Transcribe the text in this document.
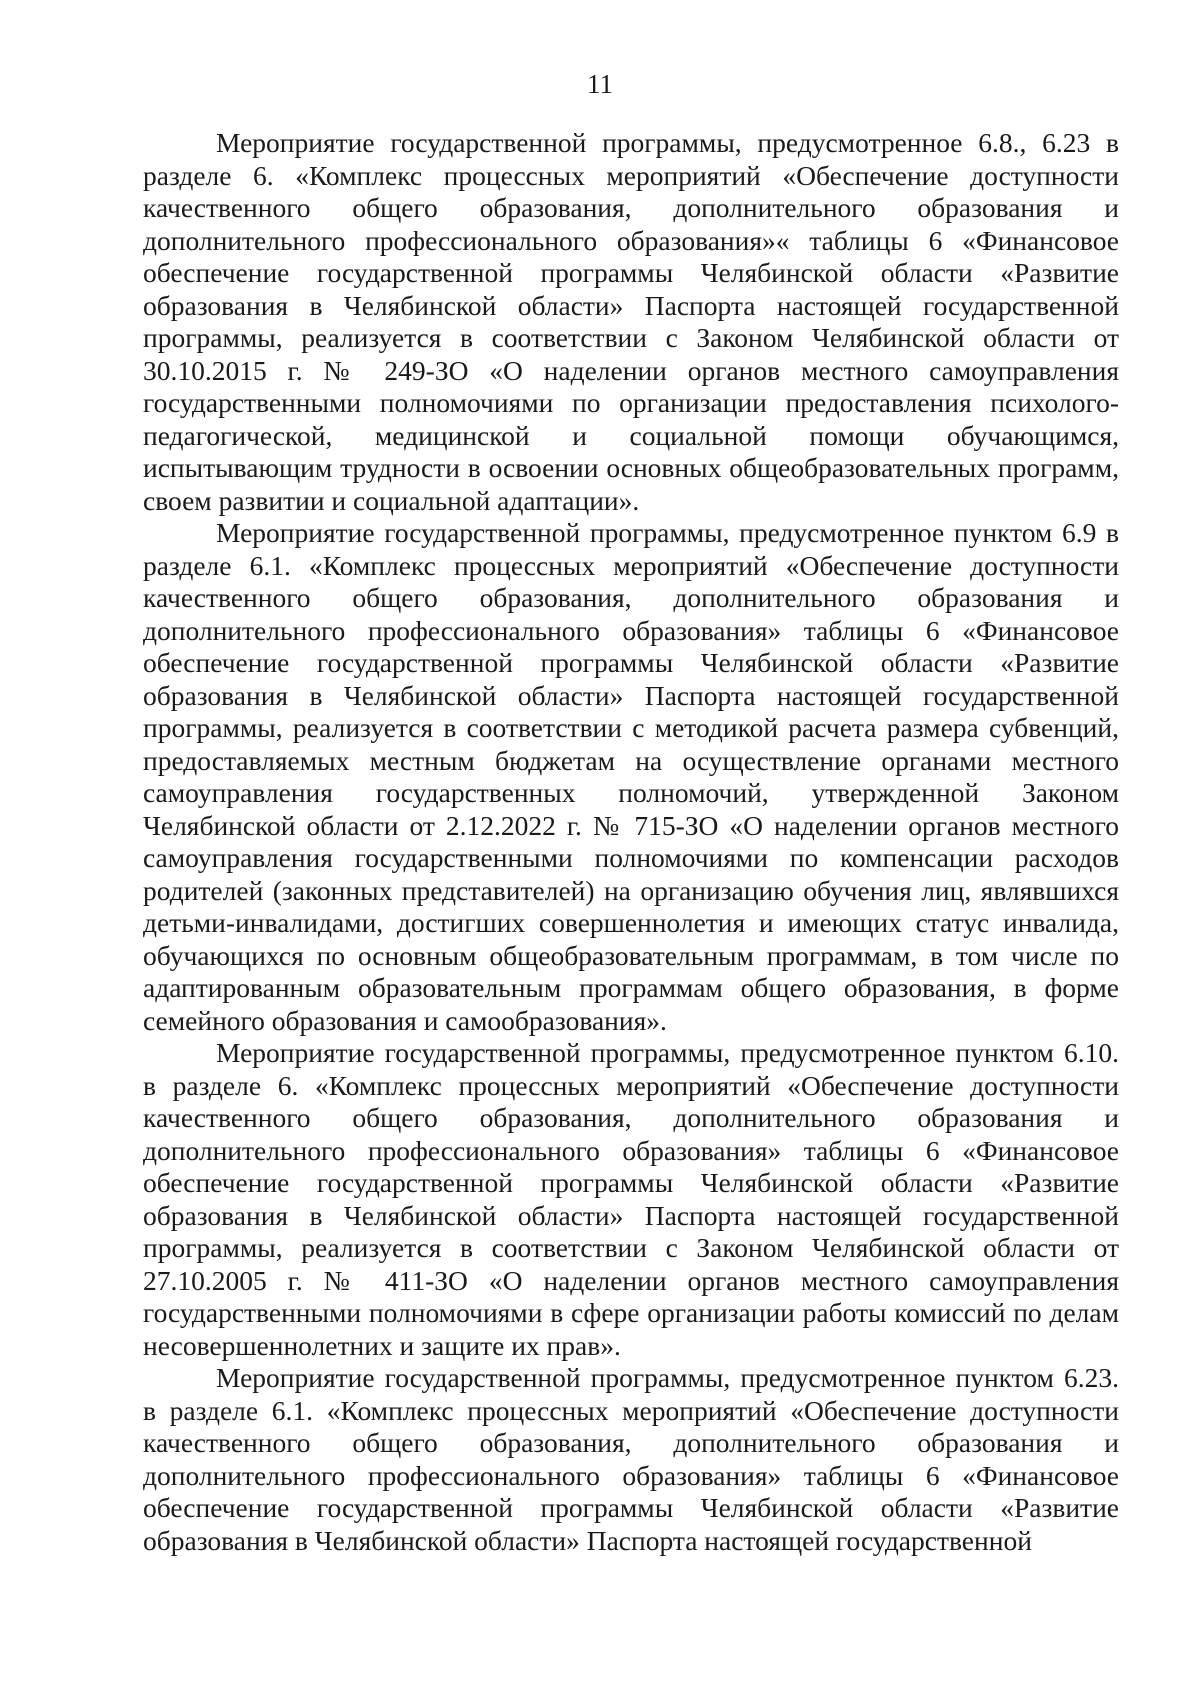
11

Мероприятие государственной программы, предусмотренное 6.8., 6.23 в разделе 6. «Комплекс процессных мероприятий «Обеспечение доступности качественного общего образования, дополнительного образования и дополнительного профессионального образования»« таблицы 6 «Финансовое обеспечение государственной программы Челябинской области «Развитие образования в Челябинской области» Паспорта настоящей государственной программы, реализуется в соответствии с Законом Челябинской области от 30.10.2015 г. № 249-ЗО «О наделении органов местного самоуправления государственными полномочиями по организации предоставления психолого-педагогической, медицинской и социальной помощи обучающимся, испытывающим трудности в освоении основных общеобразовательных программ, своем развитии и социальной адаптации».

Мероприятие государственной программы, предусмотренное пунктом 6.9 в разделе 6.1. «Комплекс процессных мероприятий «Обеспечение доступности качественного общего образования, дополнительного образования и дополнительного профессионального образования» таблицы 6 «Финансовое обеспечение государственной программы Челябинской области «Развитие образования в Челябинской области» Паспорта настоящей государственной программы, реализуется в соответствии с методикой расчета размера субвенций, предоставляемых местным бюджетам на осуществление органами местного самоуправления государственных полномочий, утвержденной Законом Челябинской области от 2.12.2022 г. № 715-ЗО «О наделении органов местного самоуправления государственными полномочиями по компенсации расходов родителей (законных представителей) на организацию обучения лиц, являвшихся детьми-инвалидами, достигших совершеннолетия и имеющих статус инвалида, обучающихся по основным общеобразовательным программам, в том числе по адаптированным образовательным программам общего образования, в форме семейного образования и самообразования».

Мероприятие государственной программы, предусмотренное пунктом 6.10. в разделе 6. «Комплекс процессных мероприятий «Обеспечение доступности качественного общего образования, дополнительного образования и дополнительного профессионального образования» таблицы 6 «Финансовое обеспечение государственной программы Челябинской области «Развитие образования в Челябинской области» Паспорта настоящей государственной программы, реализуется в соответствии с Законом Челябинской области от 27.10.2005 г. № 411-ЗО «О наделении органов местного самоуправления государственными полномочиями в сфере организации работы комиссий по делам несовершеннолетних и защите их прав».

Мероприятие государственной программы, предусмотренное пунктом 6.23. в разделе 6.1. «Комплекс процессных мероприятий «Обеспечение доступности качественного общего образования, дополнительного образования и дополнительного профессионального образования» таблицы 6 «Финансовое обеспечение государственной программы Челябинской области «Развитие образования в Челябинской области» Паспорта настоящей государственной
